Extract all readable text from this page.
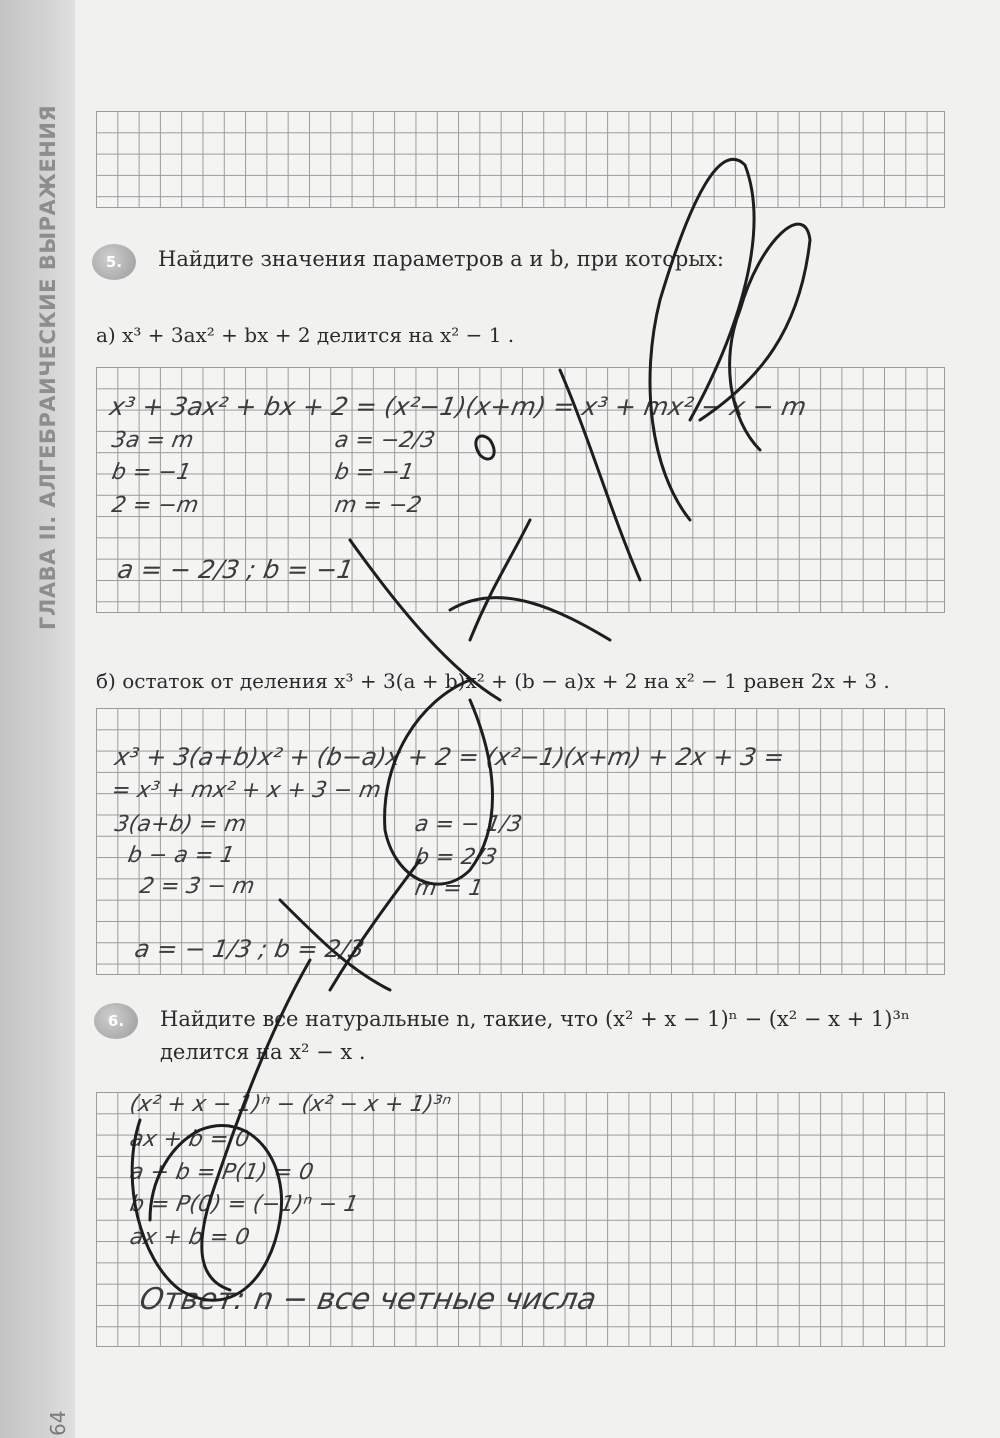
ГЛАВА II. АЛГЕБРАИЧЕСКИЕ ВЫРАЖЕНИЯ
64
5.	Найдите значения параметров a и b, при которых:
а) x³ + 3ax² + bx + 2 делится на x² − 1 .
x³ + 3ax² + bx + 2 = (x²−1)(x+m) = x³ + mx² − x − m
3a = m
b = −1
2 = −m
a = −2/3
b = −1
m = −2
a = − 2/3 ; b = −1
б) остаток от деления x³ + 3(a + b)x² + (b − a)x + 2 на x² − 1 равен 2x + 3 .
x³ + 3(a+b)x² + (b−a)x + 2 = (x²−1)(x+m) + 2x + 3 =
= x³ + mx² + x + 3 − m
3(a+b) = m
b − a = 1
2 = 3 − m
a = − 1/3
b = 2/3
m = 1
a = − 1/3 ; b = 2/3
6.	Найдите все натуральные n, такие, что (x² + x − 1)ⁿ − (x² − x + 1)³ⁿ
делится на x² − x .
(x² + x − 1)ⁿ − (x² − x + 1)³ⁿ
ax + b = 0
a + b = P(1) = 0
b = P(0) = (−1)ⁿ − 1
ax + b = 0
Ответ: n − все четные числа
